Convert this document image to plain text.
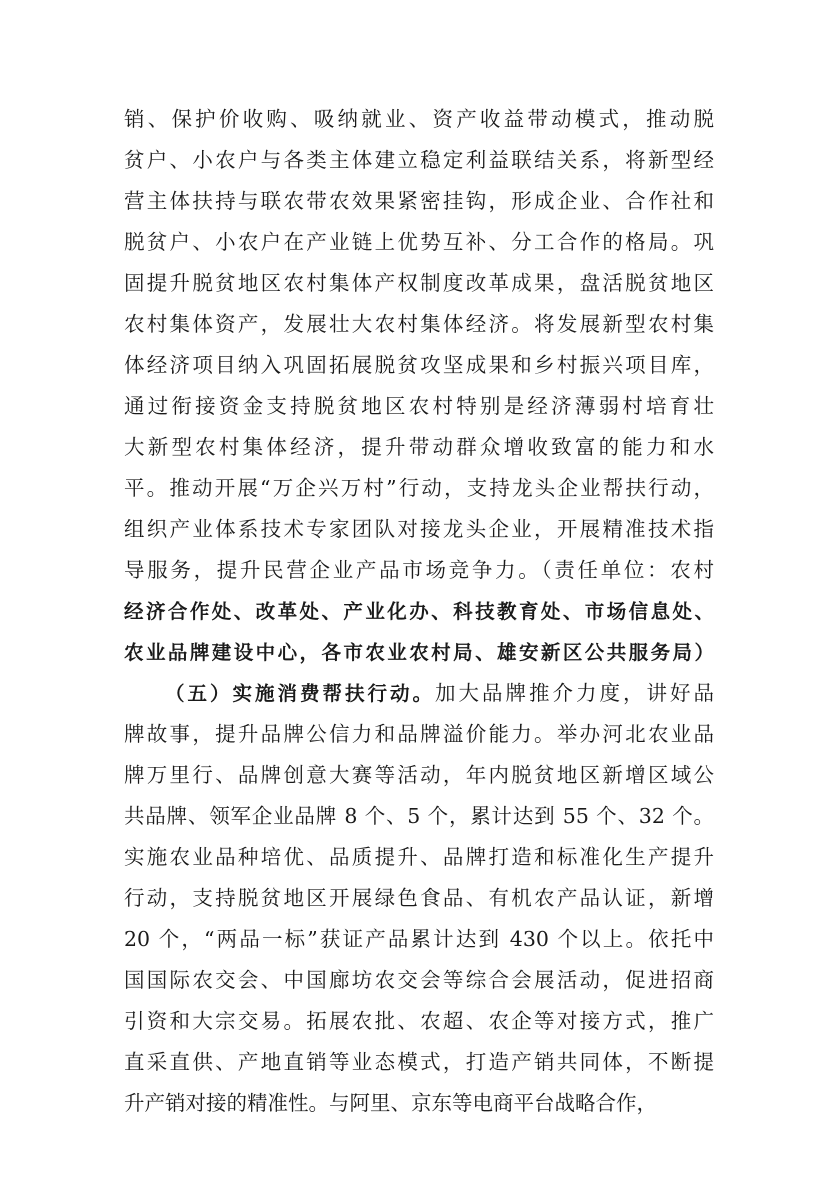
销、保护价收购、吸纳就业、资产收益带动模式，推动脱
贫户、小农户与各类主体建立稳定利益联结关系，将新型经
营主体扶持与联农带农效果紧密挂钩，形成企业、合作社和
脱贫户、小农户在产业链上优势互补、分工合作的格局。巩
固提升脱贫地区农村集体产权制度改革成果，盘活脱贫地区
农村集体资产，发展壮大农村集体经济。将发展新型农村集
体经济项目纳入巩固拓展脱贫攻坚成果和乡村振兴项目库，
通过衔接资金支持脱贫地区农村特别是经济薄弱村培育壮
大新型农村集体经济，提升带动群众增收致富的能力和水
平。推动开展“万企兴万村”行动，支持龙头企业帮扶行动，
组织产业体系技术专家团队对接龙头企业，开展精准技术指
导服务，提升民营企业产品市场竞争力。（责任单位：农村
经济合作处、改革处、产业化办、科技教育处、市场信息处、
农业品牌建设中心，各市农业农村局、雄安新区公共服务局）
（五）实施消费帮扶行动。加大品牌推介力度，讲好品
牌故事，提升品牌公信力和品牌溢价能力。举办河北农业品
牌万里行、品牌创意大赛等活动，年内脱贫地区新增区域公
共品牌、领军企业品牌 8 个、5 个，累计达到 55 个、32 个。
实施农业品种培优、品质提升、品牌打造和标准化生产提升
行动，支持脱贫地区开展绿色食品、有机农产品认证，新增
20 个，“两品一标”获证产品累计达到 430 个以上。依托中
国国际农交会、中国廊坊农交会等综合会展活动，促进招商
引资和大宗交易。拓展农批、农超、农企等对接方式，推广
直采直供、产地直销等业态模式，打造产销共同体，不断提
升产销对接的精准性。与阿里、京东等电商平台战略合作，
